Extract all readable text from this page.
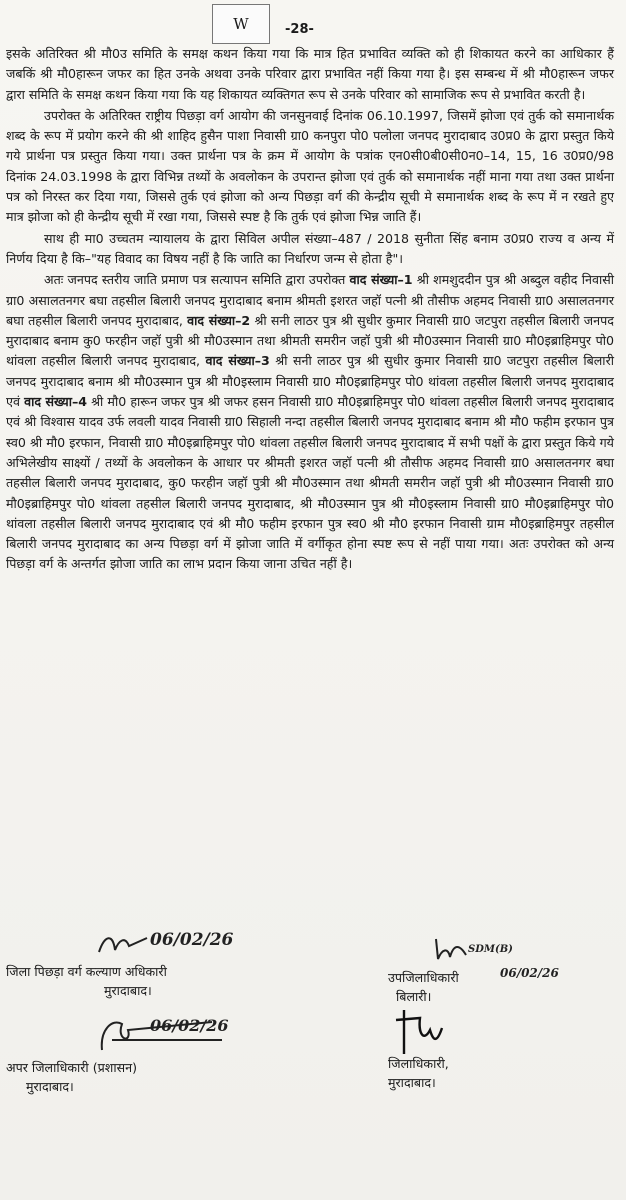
W	-28-

इसके अतिरिक्त श्री मौ0उ समिति के समक्ष कथन किया गया कि मात्र हित प्रभावित व्यक्ति को ही शिकायत करने का आधिकार हैं जबकिं श्री मौ0हारून जफर का हित उनके अथवा उनके परिवार द्वारा प्रभावित नहीं किया गया है। इस सम्बन्ध में श्री मौ0हारून जफर द्वारा समिति के समक्ष कथन किया गया कि यह शिकायत व्यक्तिगत रूप से उनके परिवार को सामाजिक रूप से प्रभावित करती है।

उपरोक्त के अतिरिक्त राष्ट्रीय पिछड़ा वर्ग आयोग की जनसुनवाई दिनांक 06.10.1997, जिसमें झोजा एवं तुर्क को समानार्थक शब्द के रूप में प्रयोग करने की श्री शाहिद हुसैन पाशा निवासी ग्रा0 कनपुरा पो0 पलोला जनपद मुरादाबाद उ0प्र0 के द्वारा प्रस्तुत किये गये प्रार्थना पत्र प्रस्तुत किया गया। उक्त प्रार्थना पत्र के क्रम में आयोग के पत्रांक एन0सी0बी0सी0न0–14, 15, 16 उ0प्र0/98 दिनांक 24.03.1998 के द्वारा विभिन्न तथ्यों के अवलोकन के उपरान्त झोजा एवं तुर्क को समानार्थक नहीं माना गया तथा उक्त प्रार्थना पत्र को निरस्त कर दिया गया, जिससे तुर्क एवं झोजा को अन्य पिछड़ा वर्ग की केन्द्रीय सूची मे समानार्थक शब्द के रूप में न रखते हुए मात्र झोजा को ही केन्द्रीय सूची में रखा गया, जिससे स्पष्ट है कि तुर्क एवं झोजा भिन्न जाति हैं।

साथ ही मा0 उच्चतम न्यायालय के द्वारा सिविल अपील संख्या–487 / 2018 सुनीता सिंह बनाम उ0प्र0 राज्य व अन्य में निर्णय दिया है कि–"यह विवाद का विषय नहीं है कि जाति का निर्धारण जन्म से होता है"।

अतः जनपद स्तरीय जाति प्रमाण पत्र सत्यापन समिति द्वारा उपरोक्त वाद संख्या–1 श्री शमशुददीन पुत्र श्री अब्दुल वहीद निवासी ग्रा0 असालतनगर बघा तहसील बिलारी जनपद मुरादाबाद बनाम श्रीमती इशरत जहॉ पत्नी श्री तौसीफ अहमद निवासी ग्रा0 असालतनगर बघा तहसील बिलारी जनपद मुरादाबाद, वाद संख्या–2 श्री सनी लाठर पुत्र श्री सुधीर कुमार निवासी ग्रा0 जटपुरा तहसील बिलारी जनपद मुरादाबाद बनाम कु0 फरहीन जहॉ पुत्री श्री मौ0उस्मान तथा श्रीमती समरीन जहॉ पुत्री श्री मौ0उस्मान निवासी ग्रा0 मौ0इब्राहिमपुर पो0 थांवला तहसील बिलारी जनपद मुरादाबाद, वाद संख्या–3 श्री सनी लाठर पुत्र श्री सुधीर कुमार निवासी ग्रा0 जटपुरा तहसील बिलारी जनपद मुरादाबाद बनाम श्री मौ0उस्मान पुत्र श्री मौ0इस्लाम निवासी ग्रा0 मौ0इब्राहिमपुर पो0 थांवला तहसील बिलारी जनपद मुरादाबाद एवं वाद संख्या–4 श्री मौ0 हारून जफर पुत्र श्री जफर हसन निवासी ग्रा0 मौ0इब्राहिमपुर पो0 थांवला तहसील बिलारी जनपद मुरादाबाद एवं श्री विश्वास यादव उर्फ लवली यादव निवासी ग्रा0 सिहाली नन्दा तहसील बिलारी जनपद मुरादाबाद बनाम श्री मौ0 फहीम इरफान पुत्र स्व0 श्री मौ0 इरफान, निवासी ग्रा0 मौ0इब्राहिमपुर पो0 थांवला तहसील बिलारी जनपद मुरादाबाद में सभी पक्षों के द्वारा प्रस्तुत किये गये अभिलेखीय साक्ष्यों / तथ्यों के अवलोकन के आधार पर श्रीमती इशरत जहॉ पत्नी श्री तौसीफ अहमद निवासी ग्रा0 असालतनगर बघा तहसील बिलारी जनपद मुरादाबाद, कु0 फरहीन जहॉ पुत्री श्री मौ0उस्मान तथा श्रीमती समरीन जहॉ पुत्री श्री मौ0उस्मान निवासी ग्रा0 मौ0इब्राहिमपुर पो0 थांवला तहसील बिलारी जनपद मुरादाबाद, श्री मौ0उस्मान पुत्र श्री मौ0इस्लाम निवासी ग्रा0 मौ0इब्राहिमपुर पो0 थांवला तहसील बिलारी जनपद मुरादाबाद एवं श्री मौ0 फहीम इरफान पुत्र स्व0 श्री मौ0 इरफान निवासी ग्राम मौ0इब्राहिमपुर तहसील बिलारी जनपद मुरादाबाद का अन्य पिछड़ा वर्ग में झोजा जाति में वर्गीकृत होना स्पष्ट रूप से नहीं पाया गया। अतः उपरोक्त को अन्य पिछड़ा वर्ग के अन्तर्गत झोजा जाति का लाभ प्रदान किया जाना उचित नहीं है।

06/02/26
जिला पिछड़ा वर्ग कल्याण अधिकारी
मुरादाबाद।
SDM(B)
उपजिलाधिकारी
बिलारी।
06/02/26
06/02/26
अपर जिलाधिकारी (प्रशासन)
मुरादाबाद।
जिलाधिकारी,
मुरादाबाद।
